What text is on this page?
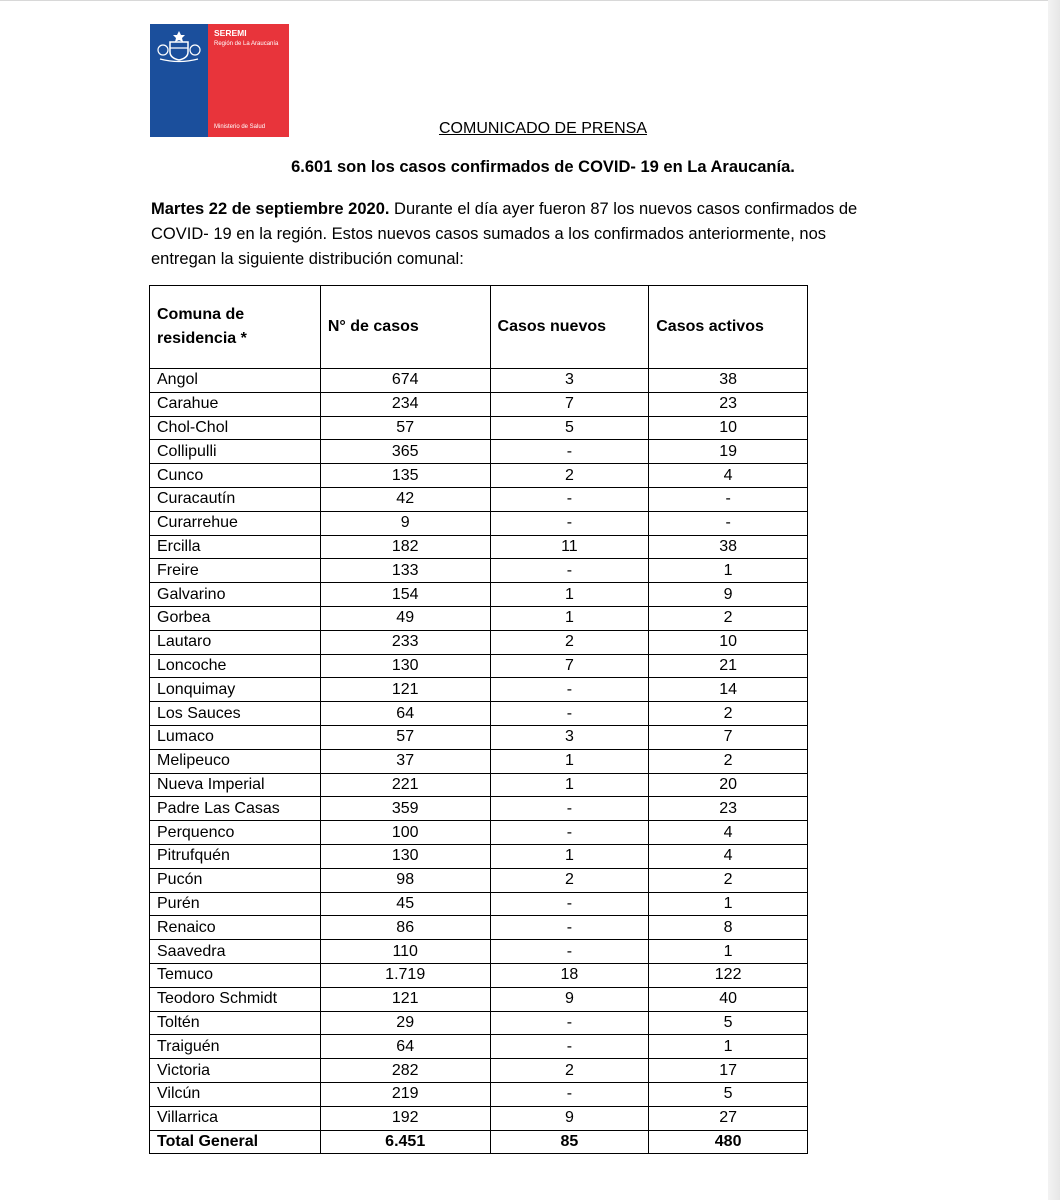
SEREMI
Región de La Araucanía
Ministerio de Salud	COMUNICADO DE PRENSA
6.601 son los casos confirmados de COVID- 19 en La Araucanía.
Martes 22 de septiembre 2020. Durante el día ayer fueron 87 los nuevos casos confirmados de COVID- 19 en la región. Estos nuevos casos sumados a los confirmados anteriormente, nos entregan la siguiente distribución comunal:
Comuna de residencia *	N° de casos	Casos nuevos	Casos activos
Angol	674	3	38
Carahue	234	7	23
Chol-Chol	57	5	10
Collipulli	365	-	19
Cunco	135	2	4
Curacautín	42	-	-
Curarrehue	9	-	-
Ercilla	182	11	38
Freire	133	-	1
Galvarino	154	1	9
Gorbea	49	1	2
Lautaro	233	2	10
Loncoche	130	7	21
Lonquimay	121	-	14
Los Sauces	64	-	2
Lumaco	57	3	7
Melipeuco	37	1	2
Nueva Imperial	221	1	20
Padre Las Casas	359	-	23
Perquenco	100	-	4
Pitrufquén	130	1	4
Pucón	98	2	2
Purén	45	-	1
Renaico	86	-	8
Saavedra	110	-	1
Temuco	1.719	18	122
Teodoro Schmidt	121	9	40
Toltén	29	-	5
Traiguén	64	-	1
Victoria	282	2	17
Vilcún	219	-	5
Villarrica	192	9	27
Total General	6.451	85	480
